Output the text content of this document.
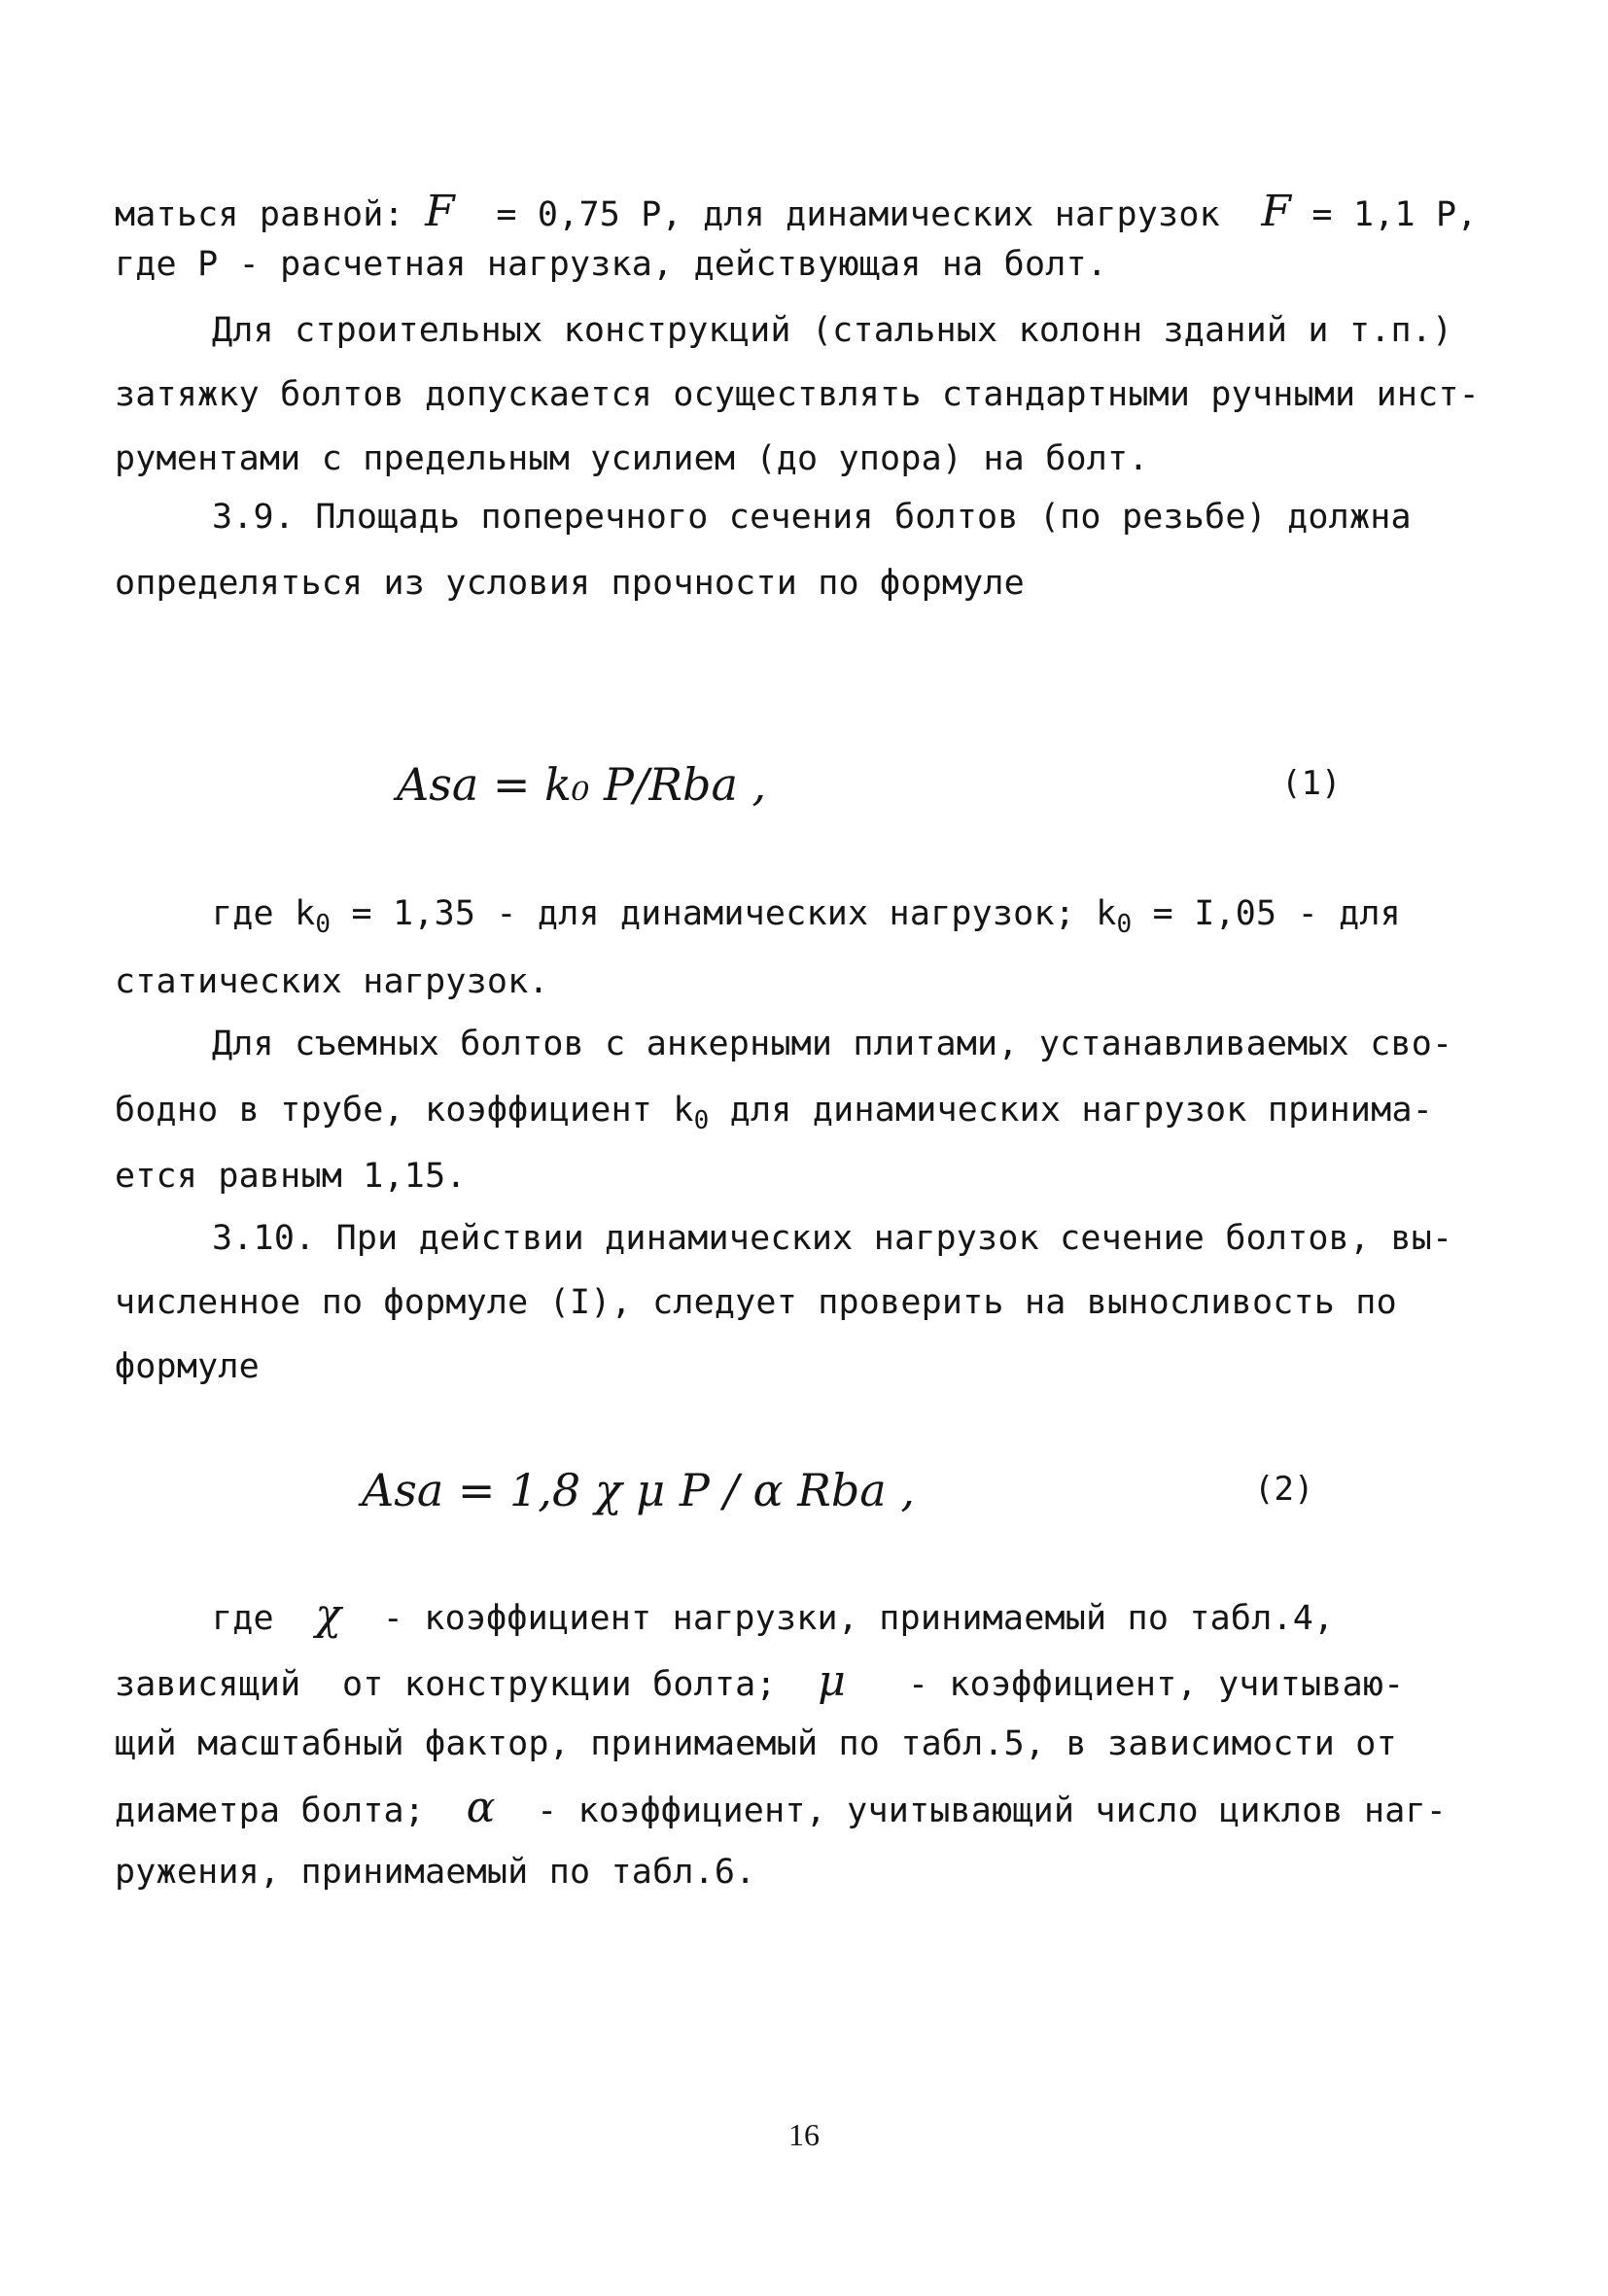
маться равной: F  = 0,75 P, для динамических нагрузок  F = 1,1 P,
где P - расчетная нагрузка, действующая на болт.
Для строительных конструкций (стальных колонн зданий и т.п.)
затяжку болтов допускается осуществлять стандартными ручными инст-
рументами с предельным усилием (до упора) на болт.
3.9. Площадь поперечного сечения болтов (по резьбе) должна
определяться из условия прочности по формуле
Asa = k₀ P/Rba ,	(1)
где $k_0 = 1,35$ - для динамических нагрузок; $k_0 = I,05$ - для
статических нагрузок.
Для съемных болтов с анкерными плитами, устанавливаемых сво-
бодно в трубе, коэффициент $k_0$ для динамических нагрузок принима-
ется равным 1,15.
3.10. При действии динамических нагрузок сечение болтов, вы-
численное по формуле (I), следует проверить на выносливость по
формуле
Asa = 1,8 χ μ P / α Rba ,	(2)
где  χ  - коэффициент нагрузки, принимаемый по табл.4,
зависящий  от конструкции болта;  μ   - коэффициент, учитываю-
щий масштабный фактор, принимаемый по табл.5, в зависимости от
диаметра болта;  α  - коэффициент, учитывающий число циклов наг-
ружения, принимаемый по табл.6.
16
